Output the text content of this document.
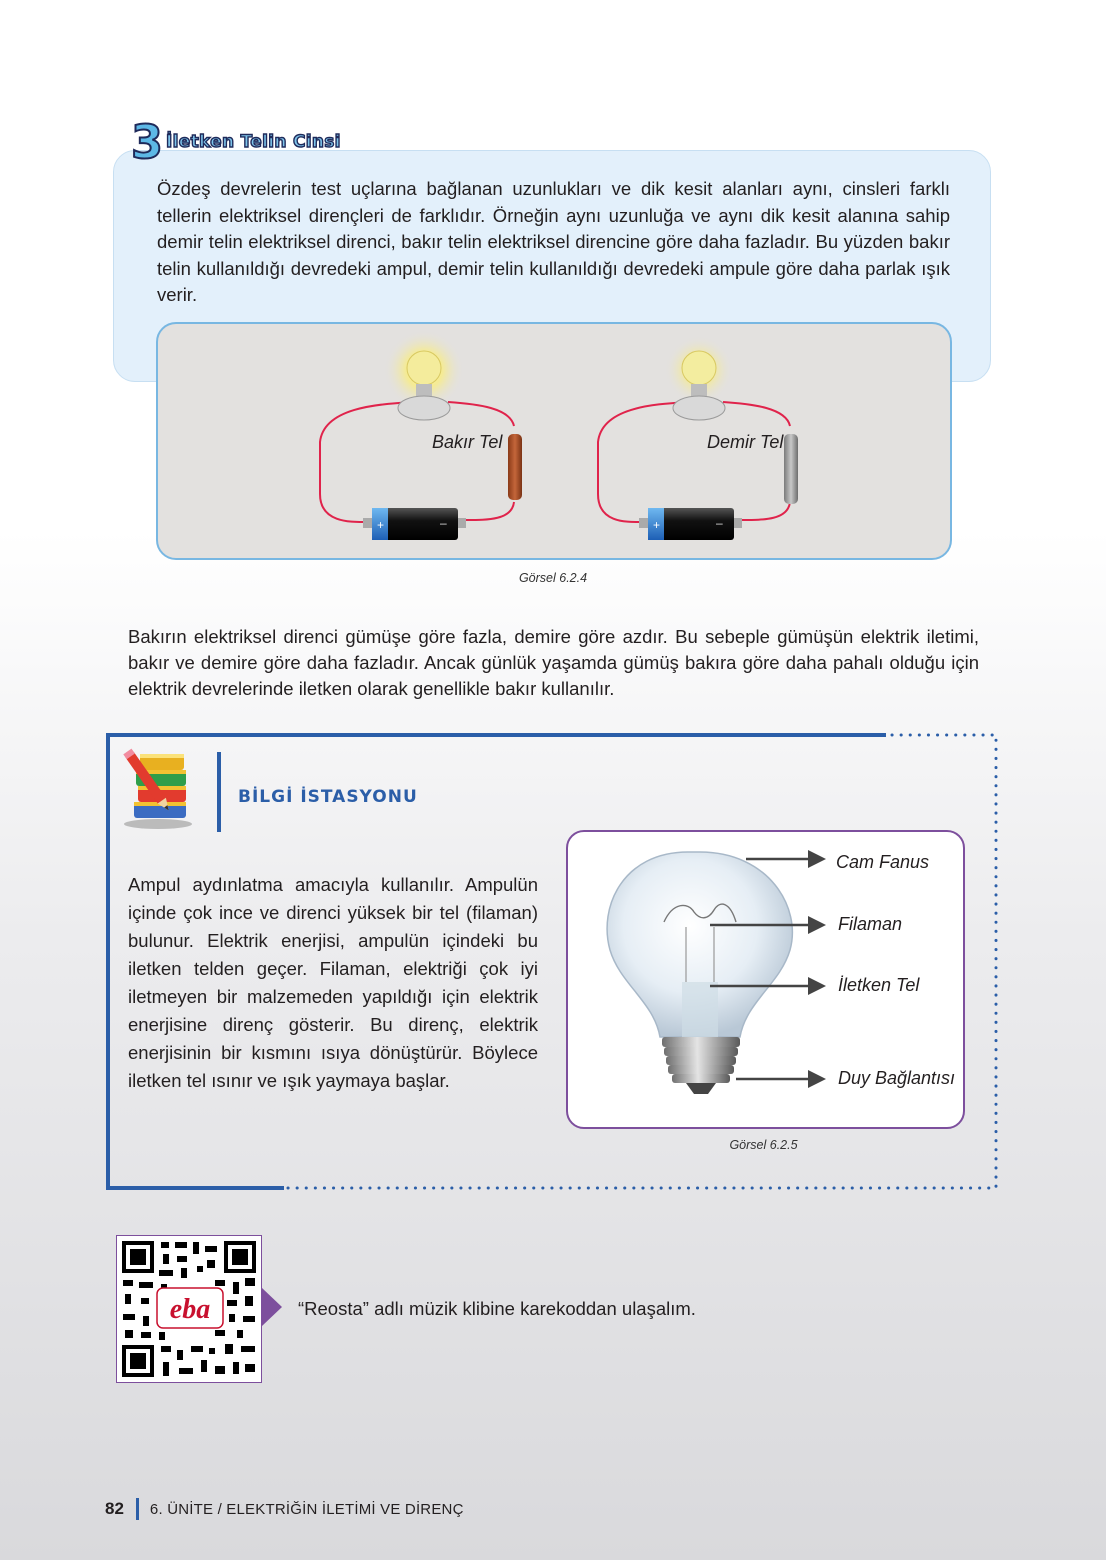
3 İletken Telin Cinsi
Özdeş devrelerin test uçlarına bağlanan uzunlukları ve dik kesit alanları aynı, cinsleri farklı tellerin elektriksel dirençleri de farklıdır. Örneğin aynı uzunluğa ve aynı dik kesit alanına sahip demir telin elektriksel direnci, bakır telin elektriksel direncine göre daha fazladır. Bu yüzden bakır telin kullanıldığı devredeki ampul, demir telin kullanıldığı devredeki ampule göre daha parlak ışık verir.
+	–	+	–
Bakır Tel	Demir Tel
Görsel 6.2.4
Bakırın elektriksel direnci gümüşe göre fazla, demire göre azdır. Bu sebeple gümüşün elektrik iletimi, bakır ve demire göre daha fazladır. Ancak günlük yaşamda gümüş bakıra göre daha pahalı olduğu için elektrik devrelerinde iletken olarak genellikle bakır kullanılır.
BİLGİ İSTASYONU
Ampul aydınlatma amacıyla kullanılır. Ampulün içinde çok ince ve direnci yüksek bir tel (filaman) bulunur. Elektrik enerjisi, ampulün içindeki bu iletken telden geçer. Filaman, elektriği çok iyi iletmeyen bir malzemeden yapıldığı için elektrik enerjisine direnç gösterir. Bu direnç, elektrik enerjisinin bir kısmını ısıya dönüştürür. Böylece iletken tel ısınır ve ışık yaymaya başlar.
Cam Fanus
Filaman
İletken Tel
Duy Bağlantısı
Görsel 6.2.5
eba	“Reosta” adlı müzik klibine karekoddan ulaşalım.
82 6. ÜNİTE / ELEKTRİĞİN İLETİMİ VE DİRENÇ
